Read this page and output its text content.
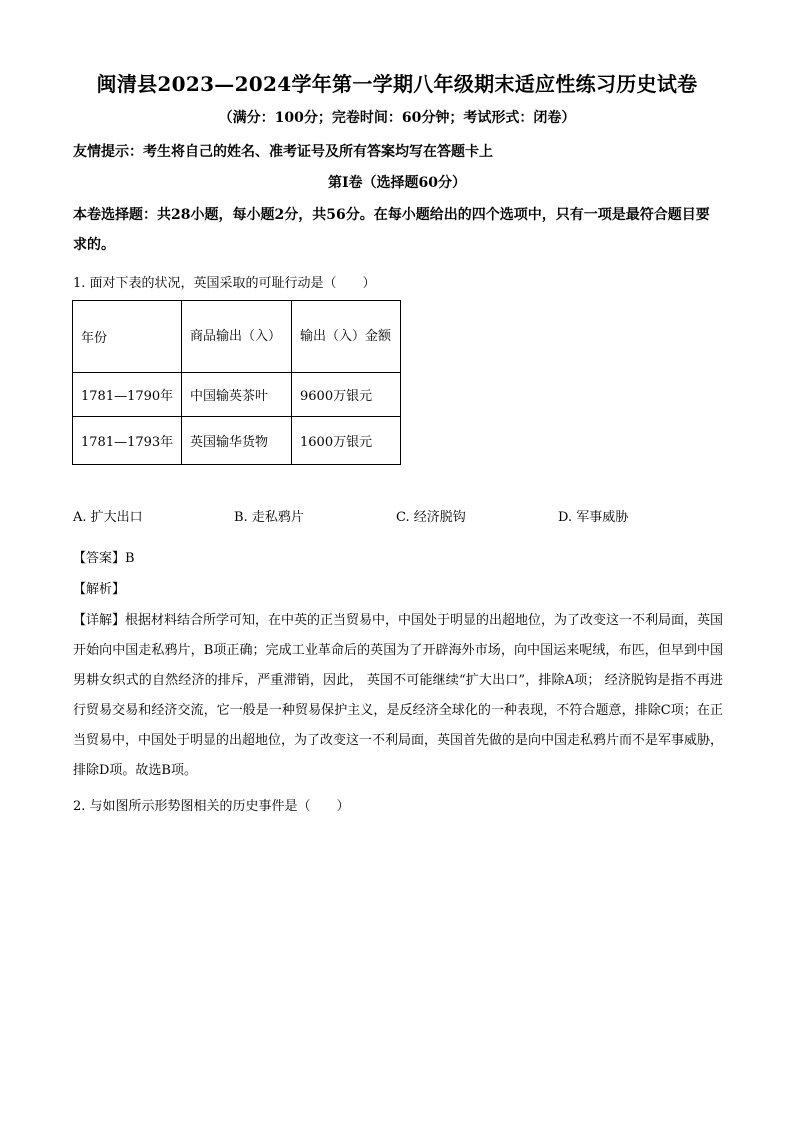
闽清县2023—2024学年第一学期八年级期末适应性练习历史试卷
（满分：100分；完卷时间：60分钟；考试形式：闭卷）
友情提示：考生将自己的姓名、准考证号及所有答案均写在答题卡上
第Ⅰ卷（选择题60分）
本卷选择题：共28小题，每小题2分，共56分。在每小题给出的四个选项中，只有一项是最符合题目要求的。
1. 面对下表的状况，英国采取的可耻行动是（ ）
年份	商品输出（入）	输出（入）金额
1781—1790年	中国输英茶叶	9600万银元
1781—1793年	英国输华货物	1600万银元
A. 扩大出口	B. 走私鸦片	C. 经济脱钩	D. 军事威胁
【答案】B
【解析】
【详解】根据材料结合所学可知，在中英的正当贸易中，中国处于明显的出超地位，为了改变这一不利局面，英国开始向中国走私鸦片，B项正确；完成工业革命后的英国为了开辟海外市场，向中国运来呢绒，布匹，但早到中国男耕女织式的自然经济的排斥，严重滞销，因此， 英国不可能继续“扩大出口”，排除A项； 经济脱钩是指不再进行贸易交易和经济交流，它一般是一种贸易保护主义，是反经济全球化的一种表现，不符合题意，排除C项；在正当贸易中，中国处于明显的出超地位，为了改变这一不利局面，英国首先做的是向中国走私鸦片而不是军事威胁，排除D项。故选B项。
2. 与如图所示形势图相关的历史事件是（ ）
